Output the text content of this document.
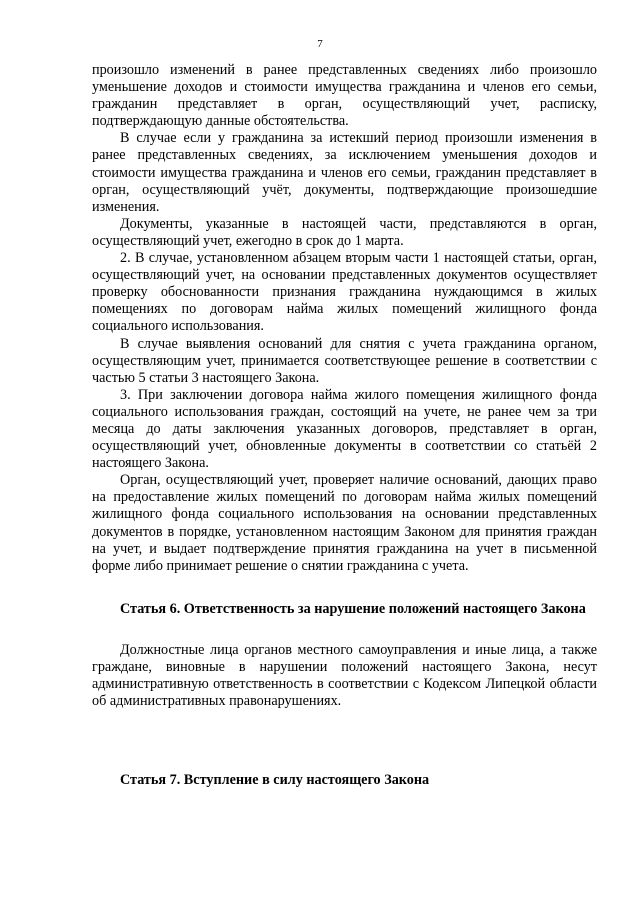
7

произошло изменений в ранее представленных сведениях либо произошло уменьшение доходов и стоимости имущества гражданина и членов его семьи, гражданин представляет в орган, осуществляющий учет, расписку, подтверждающую данные обстоятельства.

В случае если у гражданина за истекший период произошли изменения в ранее представленных сведениях, за исключением уменьшения доходов и стоимости имущества гражданина и членов его семьи, гражданин представляет в орган, осуществляющий учёт, документы, подтверждающие произошедшие изменения.

Документы, указанные в настоящей части, представляются в орган, осуществляющий учет, ежегодно в срок до 1 марта.

2. В случае, установленном абзацем вторым части 1 настоящей статьи, орган, осуществляющий учет, на основании представленных документов осуществляет проверку обоснованности признания гражданина нуждающимся в жилых помещениях по договорам найма жилых помещений жилищного фонда социального использования.

В случае выявления оснований для снятия с учета гражданина органом, осуществляющим учет, принимается соответствующее решение в соответствии с частью 5 статьи 3 настоящего Закона.

3. При заключении договора найма жилого помещения жилищного фонда социального использования граждан, состоящий на учете, не ранее чем за три месяца до даты заключения указанных договоров, представляет в орган, осуществляющий учет, обновленные документы в соответствии со статьёй 2 настоящего Закона.

Орган, осуществляющий учет, проверяет наличие оснований, дающих право на предоставление жилых помещений по договорам найма жилых помещений жилищного фонда социального использования на основании представленных документов в порядке, установленном настоящим Законом для принятия граждан на учет, и выдает подтверждение принятия гражданина на учет в письменной форме либо принимает решение о снятии гражданина с учета.

Статья 6. Ответственность за нарушение положений настоящего Закона

Должностные лица органов местного самоуправления и иные лица, а также граждане, виновные в нарушении положений настоящего Закона, несут административную ответственность в соответствии с Кодексом Липецкой области об административных правонарушениях.

Статья 7. Вступление в силу настоящего Закона
